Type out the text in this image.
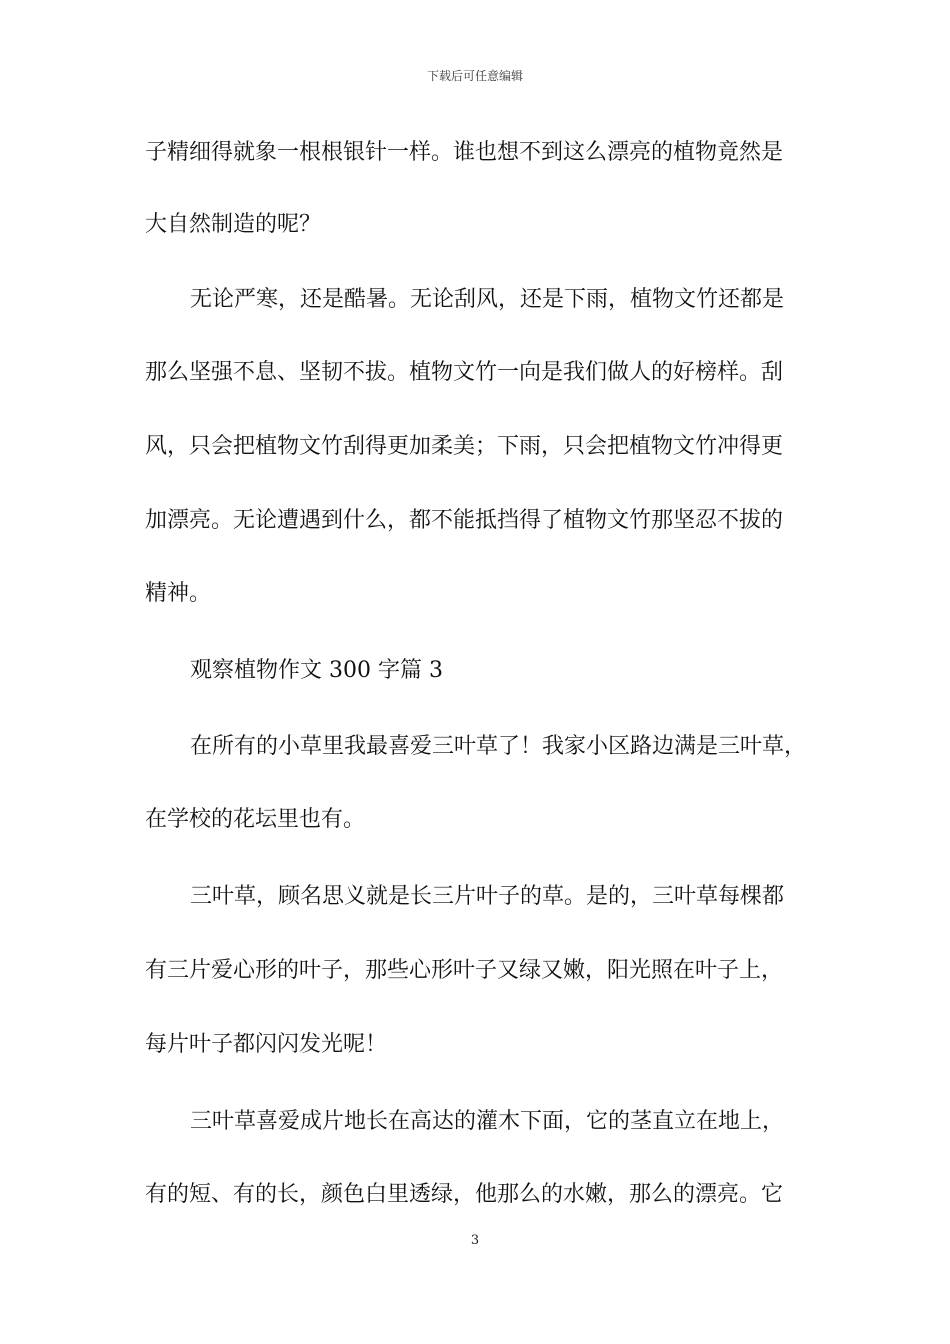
下载后可任意编辑
子精细得就象一根根银针一样。谁也想不到这么漂亮的植物竟然是
大自然制造的呢？
无论严寒，还是酷暑。无论刮风，还是下雨，植物文竹还都是
那么坚强不息、坚韧不拔。植物文竹一向是我们做人的好榜样。刮
风，只会把植物文竹刮得更加柔美；下雨，只会把植物文竹冲得更
加漂亮。无论遭遇到什么，都不能抵挡得了植物文竹那坚忍不拔的
精神。
观察植物作文 300 字篇 3
在所有的小草里我最喜爱三叶草了！我家小区路边满是三叶草，
在学校的花坛里也有。
三叶草，顾名思义就是长三片叶子的草。是的，三叶草每棵都
有三片爱心形的叶子，那些心形叶子又绿又嫩，阳光照在叶子上，
每片叶子都闪闪发光呢！
三叶草喜爱成片地长在高达的灌木下面，它的茎直立在地上，
有的短、有的长，颜色白里透绿，他那么的水嫩，那么的漂亮。它
3
